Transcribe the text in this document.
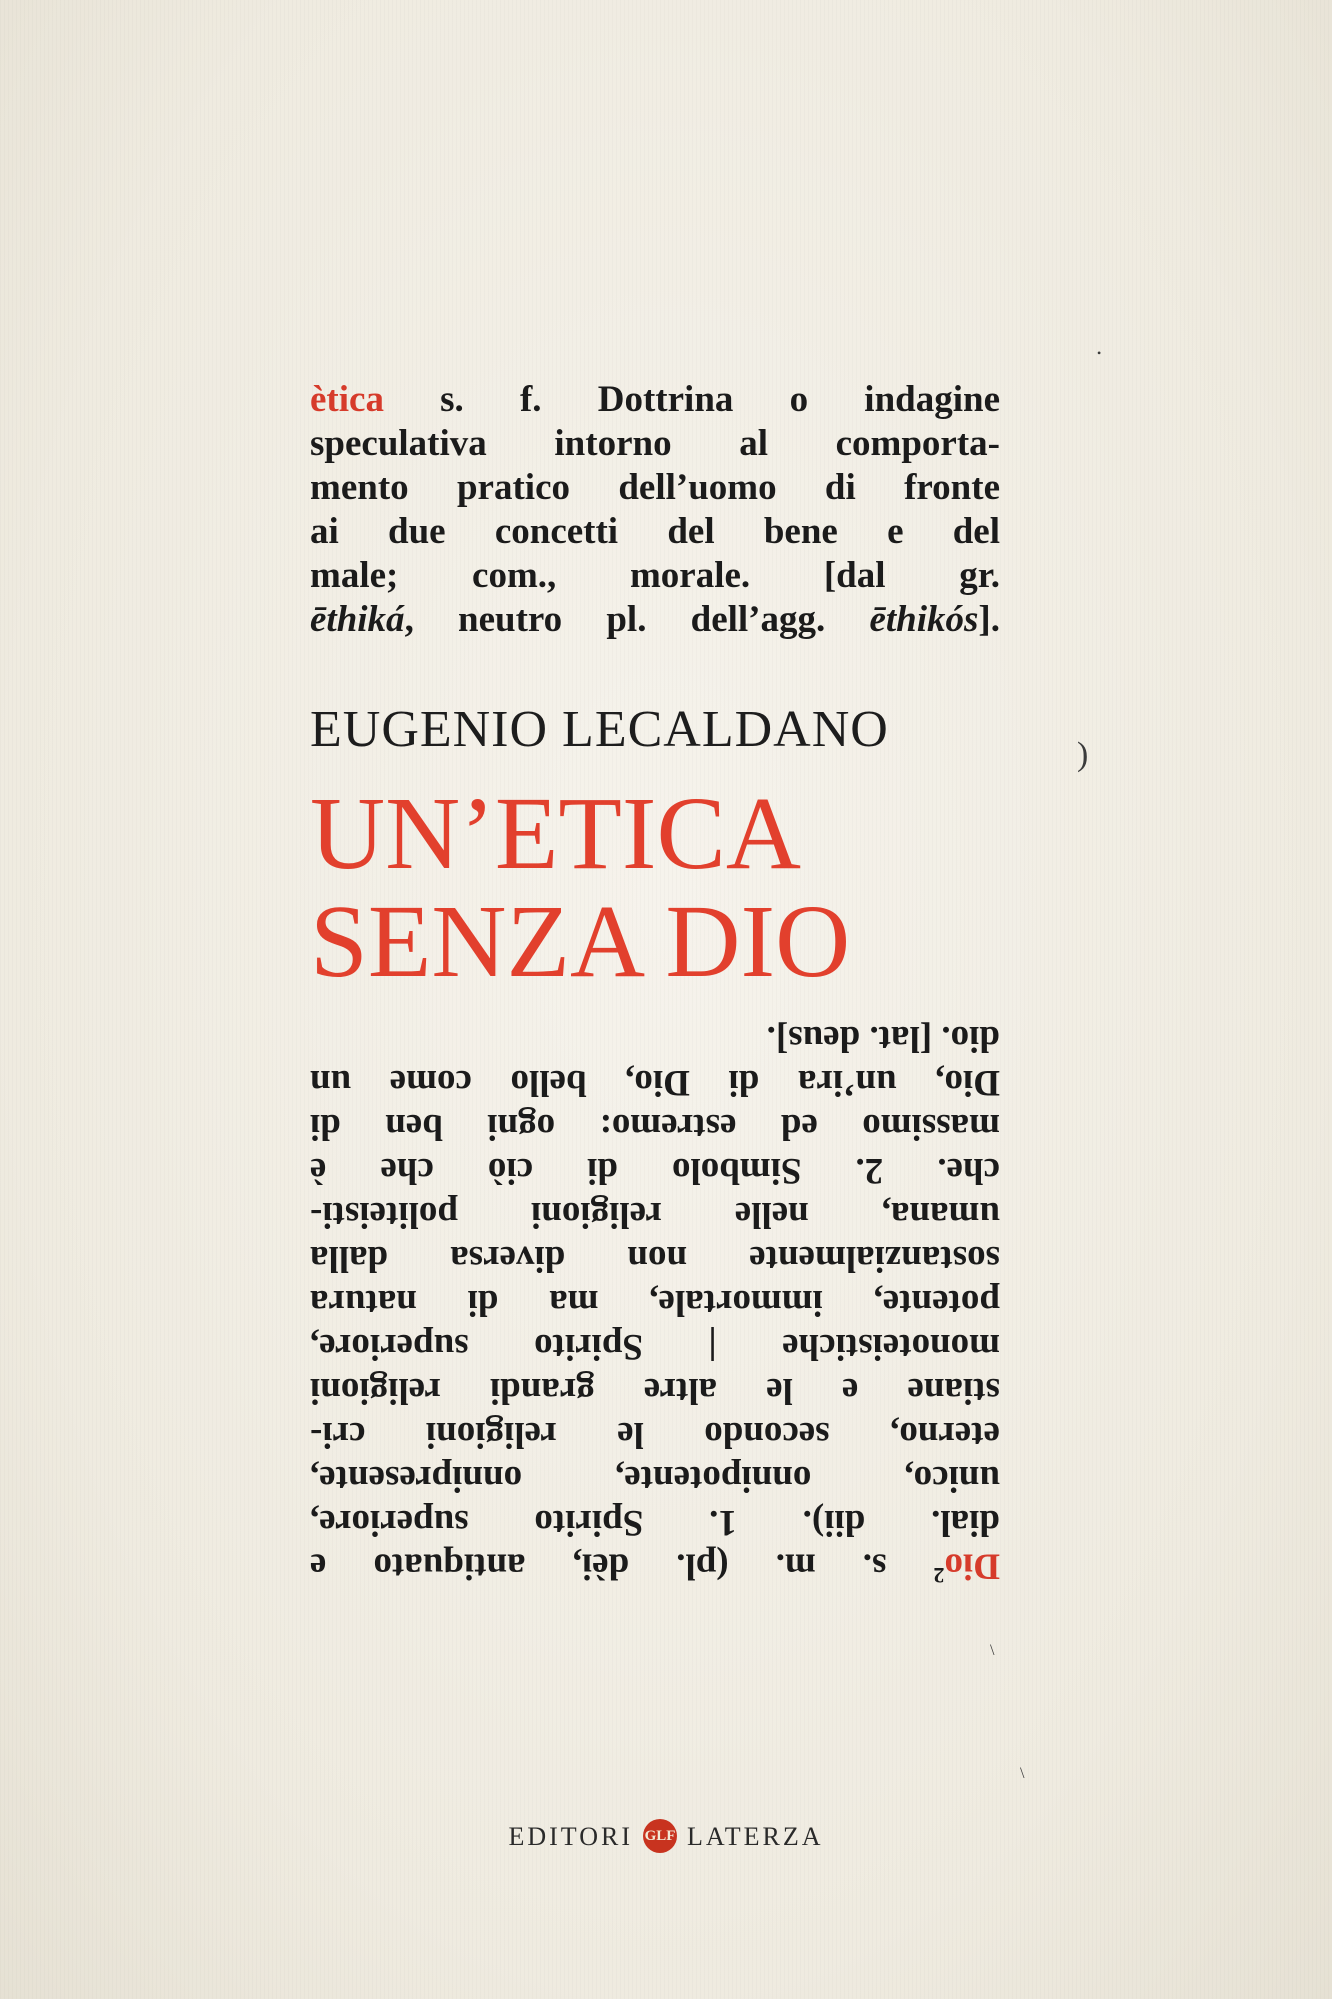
ètica s. f. Dottrina o indagine
speculativa intorno al comporta-
mento pratico dell’uomo di fronte
ai due concetti del bene e del
male; com., morale. [dal gr.
ēthiká, neutro pl. dell’agg. ēthikós].
EUGENIO LECALDANO
UN’ETICA
SENZA DIO
Dio$^2$ s. m. (pl. dèi, antiquato e
dial. dii). 1. Spirito superiore,
unico, onnipotente, onnipresente,
eterno, secondo le religioni cri-
stiane e le altre grandi religioni
monoteistiche | Spirito superiore,
potente, immortale, ma di natura
sostanzialmente non diversa dalla
umana, nelle religioni politeisti-
che. 2. Simbolo di ciò che è
massimo ed estremo: ogni ben di
Dio, un’ira di Dio, bello come un
dio. [lat. deus].
EDITORI GLF LATERZA
)
•
\
\
